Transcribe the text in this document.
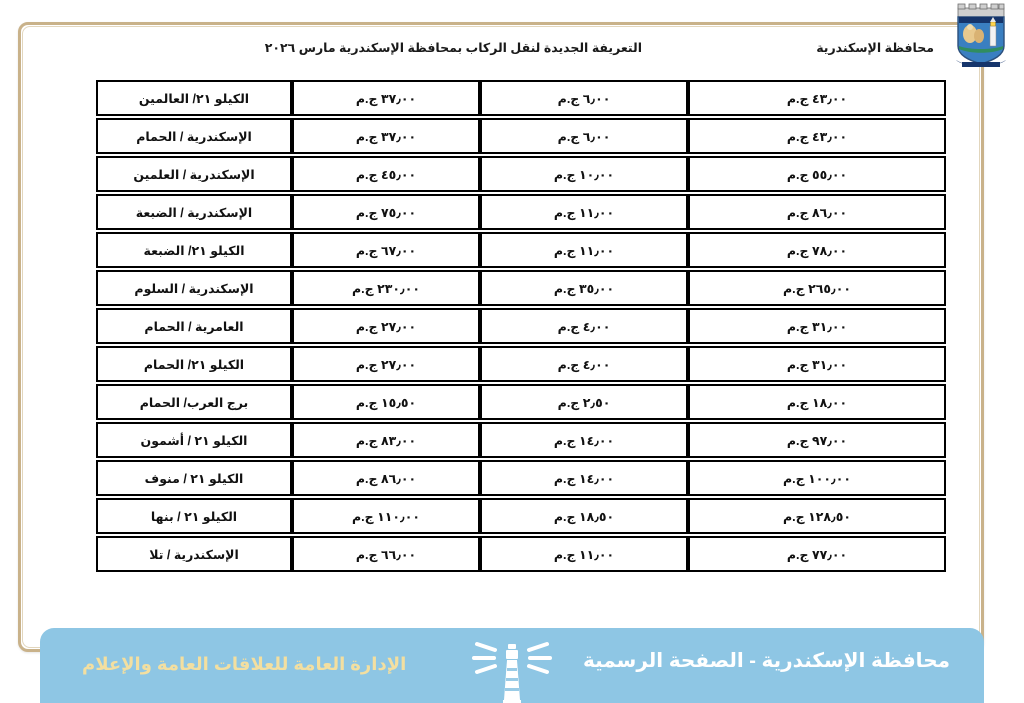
محافظة الإسكندرية
التعريفة الجديدة لنقل الركاب بمحافظة الإسكندرية مارس ٢٠٢٦
٤٣٫٠٠ ج.م	٦٫٠٠ ج.م	٣٧٫٠٠ ج.م	الكيلو ٢١/ العالمين
٤٣٫٠٠ ج.م	٦٫٠٠ ج.م	٣٧٫٠٠ ج.م	الإسكندرية / الحمام
٥٥٫٠٠ ج.م	١٠٫٠٠ ج.م	٤٥٫٠٠ ج.م	الإسكندرية / العلمين
٨٦٫٠٠ ج.م	١١٫٠٠ ج.م	٧٥٫٠٠ ج.م	الإسكندرية / الضبعة
٧٨٫٠٠ ج.م	١١٫٠٠ ج.م	٦٧٫٠٠ ج.م	الكيلو ٢١/ الضبعة
٢٦٥٫٠٠ ج.م	٣٥٫٠٠ ج.م	٢٣٠٫٠٠ ج.م	الإسكندرية / السلوم
٣١٫٠٠ ج.م	٤٫٠٠ ج.م	٢٧٫٠٠ ج.م	العامرية / الحمام
٣١٫٠٠ ج.م	٤٫٠٠ ج.م	٢٧٫٠٠ ج.م	الكيلو ٢١/ الحمام
١٨٫٠٠ ج.م	٢٫٥٠ ج.م	١٥٫٥٠ ج.م	برج العرب/ الحمام
٩٧٫٠٠ ج.م	١٤٫٠٠ ج.م	٨٣٫٠٠ ج.م	الكيلو ٢١ / أشمون
١٠٠٫٠٠ ج.م	١٤٫٠٠ ج.م	٨٦٫٠٠ ج.م	الكيلو ٢١ / منوف
١٢٨٫٥٠ ج.م	١٨٫٥٠ ج.م	١١٠٫٠٠ ج.م	الكيلو ٢١ / بنها
٧٧٫٠٠ ج.م	١١٫٠٠ ج.م	٦٦٫٠٠ ج.م	الإسكندرية / تلا
محافظة الإسكندرية - الصفحة الرسمية
الإدارة العامة للعلاقات العامة والإعلام
